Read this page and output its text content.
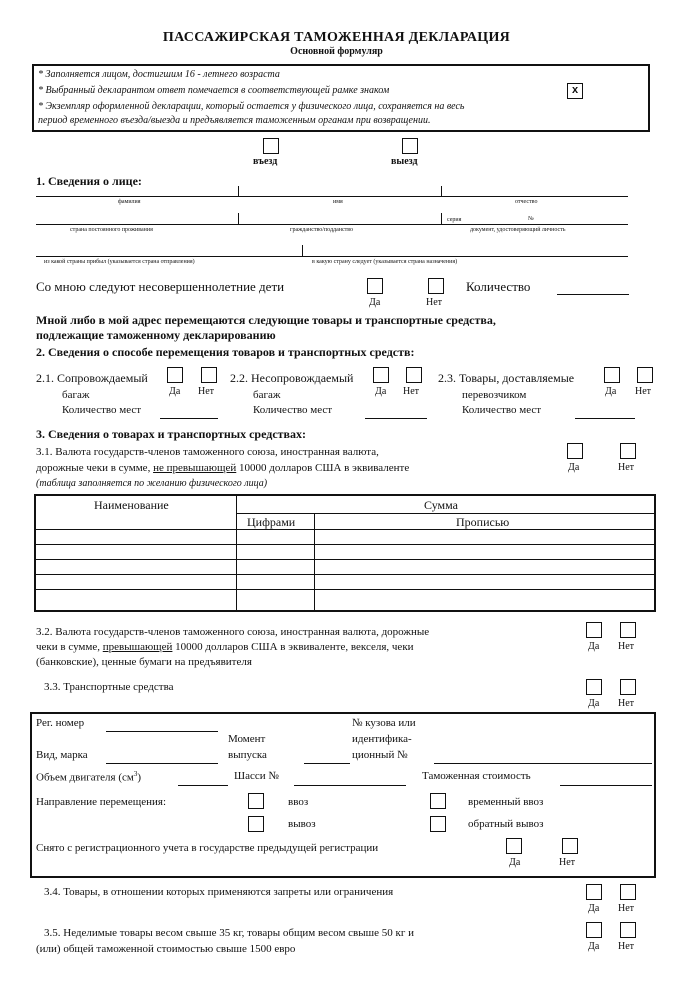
ПАССАЖИРСКАЯ ТАМОЖЕННАЯ ДЕКЛАРАЦИЯ
Основной формуляр
* Заполняется лицом, достигшим 16 - летнего возраста
* Выбранный декларантом ответ помечается в соответствующей рамке знаком	х
* Экземпляр оформленной декларации, который остается у физического лица, сохраняется на весь
период временного въезда/выезда и предъявляется таможенным органам при возвращении.
въезд	выезд
1. Сведения о лице:
фамилия	имя	отчество
серия	№
страна постоянного проживания	гражданство/подданство	документ, удостоверяющий личность
из какой страны прибыл (указывается страна отправления)	в какую страну следует (указывается страна назначения)
Со мною следуют несовершеннолетние дети
Да	Нет
Количество
Мной либо в мой адрес перемещаются следующие товары и транспортные средства,
подлежащие таможенному декларированию
2. Сведения о способе перемещения товаров и транспортных средств:
2.1. Сопровождаемый
багаж	Да Нет
Количество мест
2.2. Несопровождаемый
багаж	Да Нет
Количество мест
2.3. Товары, доставляемые
перевозчиком	Да Нет
Количество мест
3. Сведения о товарах и транспортных средствах:
3.1. Валюта государств-членов таможенного союза, иностранная валюта,
дорожные чеки в сумме, не превышающей 10000 долларов США в эквиваленте
(таблица заполняется по желанию физического лица)
Да	Нет
Наименование	Сумма
Цифрами	Прописью
3.2. Валюта государств-членов таможенного союза, иностранная валюта, дорожные
чеки в сумме, превышающей 10000 долларов США в эквиваленте, векселя, чеки
(банковские), ценные бумаги на предъявителя
Да Нет
3.3. Транспортные средства
Да Нет
Рег. номер
Момент
выпуска
№ кузова или
идентифика-
ционный №
Вид, марка
Объем двигателя $(см^3)$	Шасси №	Таможенная стоимость
Направление перемещения:	ввоз	временный ввоз
вывоз	обратный вывоз
Снято с регистрационного учета в государстве предыдущей регистрации
Да	Нет
3.4. Товары, в отношении которых применяются запреты или ограничения
Да Нет
3.5. Неделимые товары весом свыше 35 кг, товары общим весом свыше 50 кг и
(или) общей таможенной стоимостью свыше 1500 евро	Да Нет
